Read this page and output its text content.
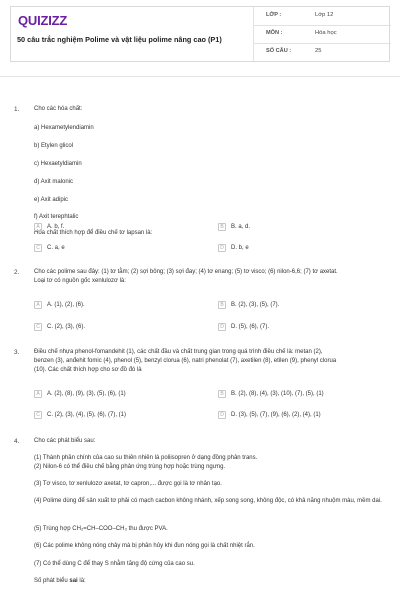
QUIZIZZ
50 câu trắc nghiệm Polime và vật liệu polime nâng cao (P1)
LỚP :	Lớp 12
MÔN :	Hóa học
SỐ CÂU :	25
1. Cho các hóa chất:
a) Hexametylendiamin
b) Etylen glicol
c) Hexaetyldiamin
d) Axit malonic
e) Axit adipic
f) Axit terephtalic
Hóa chất thích hợp để điều chế tơ lapsan là:
A	A. b, f.	B	B. a, d.
C	C. a, e	D	D. b, e
2. Cho các polime sau đây: (1) tơ tằm; (2) sợi bông; (3) sợi đay; (4) tơ enang; (5) tơ visco; (6) nilon-6,6; (7) tơ axetat.
Loại tơ có nguồn gốc xenlulozơ là:
A	A. (1), (2), (6).	B	B. (2), (3), (5), (7).
C	C. (2), (3), (6).	D	D. (5), (6), (7).
3. Điều chế nhựa phenol-fomandehit (1), các chất đầu và chất trung gian trong quá trình điều chế là: metan (2),
benzen (3), anđehit fomic (4), phenol (5), benzyl clorua (6), natri phenolat (7), axetilen (8), etilen (9), phenyl clorua
(10). Các chất thích hợp cho sơ đồ đó là
A	A. (2), (8), (9), (3), (5), (6), (1)	B	B. (2), (8), (4), (3), (10), (7), (5), (1)
C	C. (2), (3), (4), (5), (6), (7), (1)	D	D. (3), (5), (7), (9), (6), (2), (4), (1)
4. Cho các phát biểu sau:
(1) Thành phần chính của cao su thiên nhiên là poliisopren ở dạng đồng phân trans.
(2) Nilon-6 có thể điều chế bằng phản ứng trùng hợp hoặc trùng ngưng.
(3) Tơ visco, tơ xenlulozơ axetat, tơ capron,... được gọi là tơ nhân tạo.
(4) Polime dùng để sản xuất tơ phải có mạch cacbon không nhánh, xếp song song, không độc, có khả năng nhuộm màu, mềm dai.
(5) Trùng hợp CH₂=CH–COO–CH₃ thu được PVA.
(6) Các polime không nóng chảy mà bị phân hủy khi đun nóng gọi là chất nhiệt rắn.
(7) Có thể dùng C để thay S nhằm tăng độ cứng của cao su.
Số phát biểu sai là:
